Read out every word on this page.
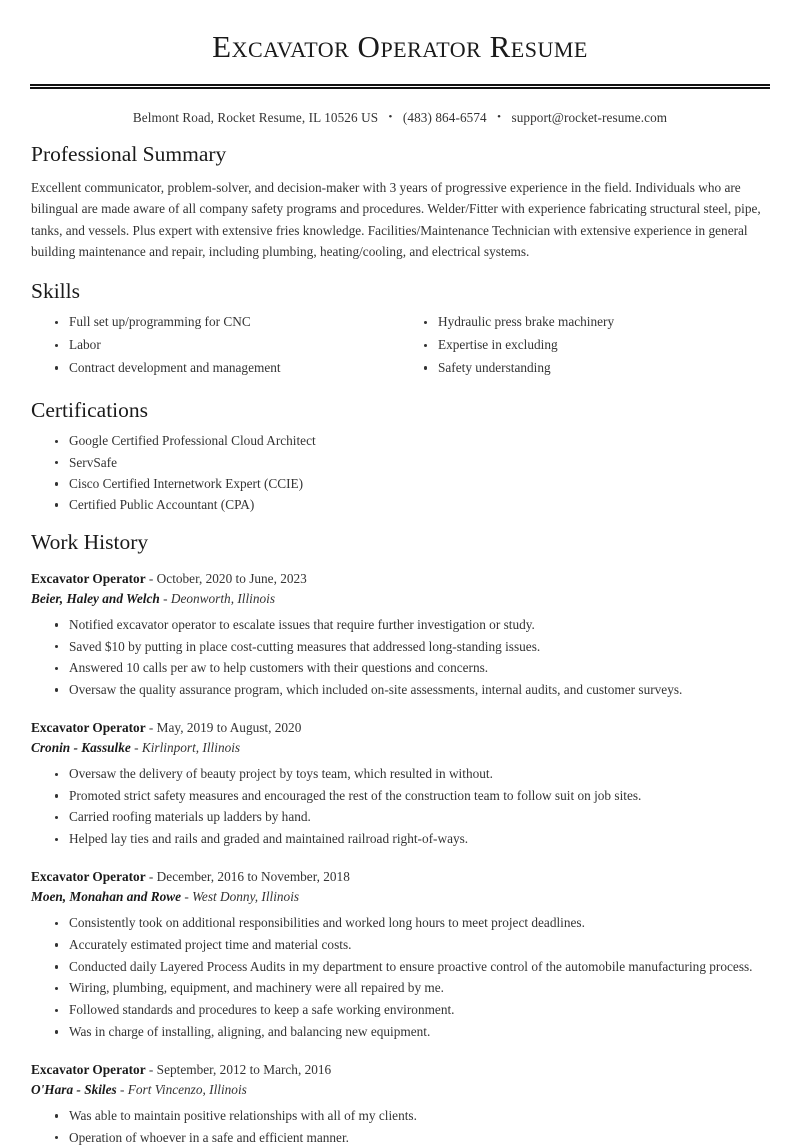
Excavator Operator Resume
Belmont Road, Rocket Resume, IL 10526 US • (483) 864-6574 • support@rocket-resume.com
Professional Summary

Excellent communicator, problem-solver, and decision-maker with 3 years of progressive experience in the field. Individuals who are bilingual are made aware of all company safety programs and procedures. Welder/Fitter with experience fabricating structural steel, pipe, tanks, and vessels. Plus expert with extensive fries knowledge. Facilities/Maintenance Technician with extensive experience in general building maintenance and repair, including plumbing, heating/cooling, and electrical systems.

Skills
Full set up/programming for CNC
Labor
Contract development and management
Hydraulic press brake machinery
Expertise in excluding
Safety understanding
Certifications
Google Certified Professional Cloud Architect
ServSafe
Cisco Certified Internetwork Expert (CCIE)
Certified Public Accountant (CPA)
Work History
Excavator Operator - October, 2020 to June, 2023
Beier, Haley and Welch - Deonworth, Illinois
Notified excavator operator to escalate issues that require further investigation or study.
Saved $10 by putting in place cost-cutting measures that addressed long-standing issues.
Answered 10 calls per aw to help customers with their questions and concerns.
Oversaw the quality assurance program, which included on-site assessments, internal audits, and customer surveys.
Excavator Operator - May, 2019 to August, 2020
Cronin - Kassulke - Kirlinport, Illinois
Oversaw the delivery of beauty project by toys team, which resulted in without.
Promoted strict safety measures and encouraged the rest of the construction team to follow suit on job sites.
Carried roofing materials up ladders by hand.
Helped lay ties and rails and graded and maintained railroad right-of-ways.
Excavator Operator - December, 2016 to November, 2018
Moen, Monahan and Rowe - West Donny, Illinois
Consistently took on additional responsibilities and worked long hours to meet project deadlines.
Accurately estimated project time and material costs.
Conducted daily Layered Process Audits in my department to ensure proactive control of the automobile manufacturing process.
Wiring, plumbing, equipment, and machinery were all repaired by me.
Followed standards and procedures to keep a safe working environment.
Was in charge of installing, aligning, and balancing new equipment.
Excavator Operator - September, 2012 to March, 2016
O'Hara - Skiles - Fort Vincenzo, Illinois
Was able to maintain positive relationships with all of my clients.
Operation of whoever in a safe and efficient manner.
